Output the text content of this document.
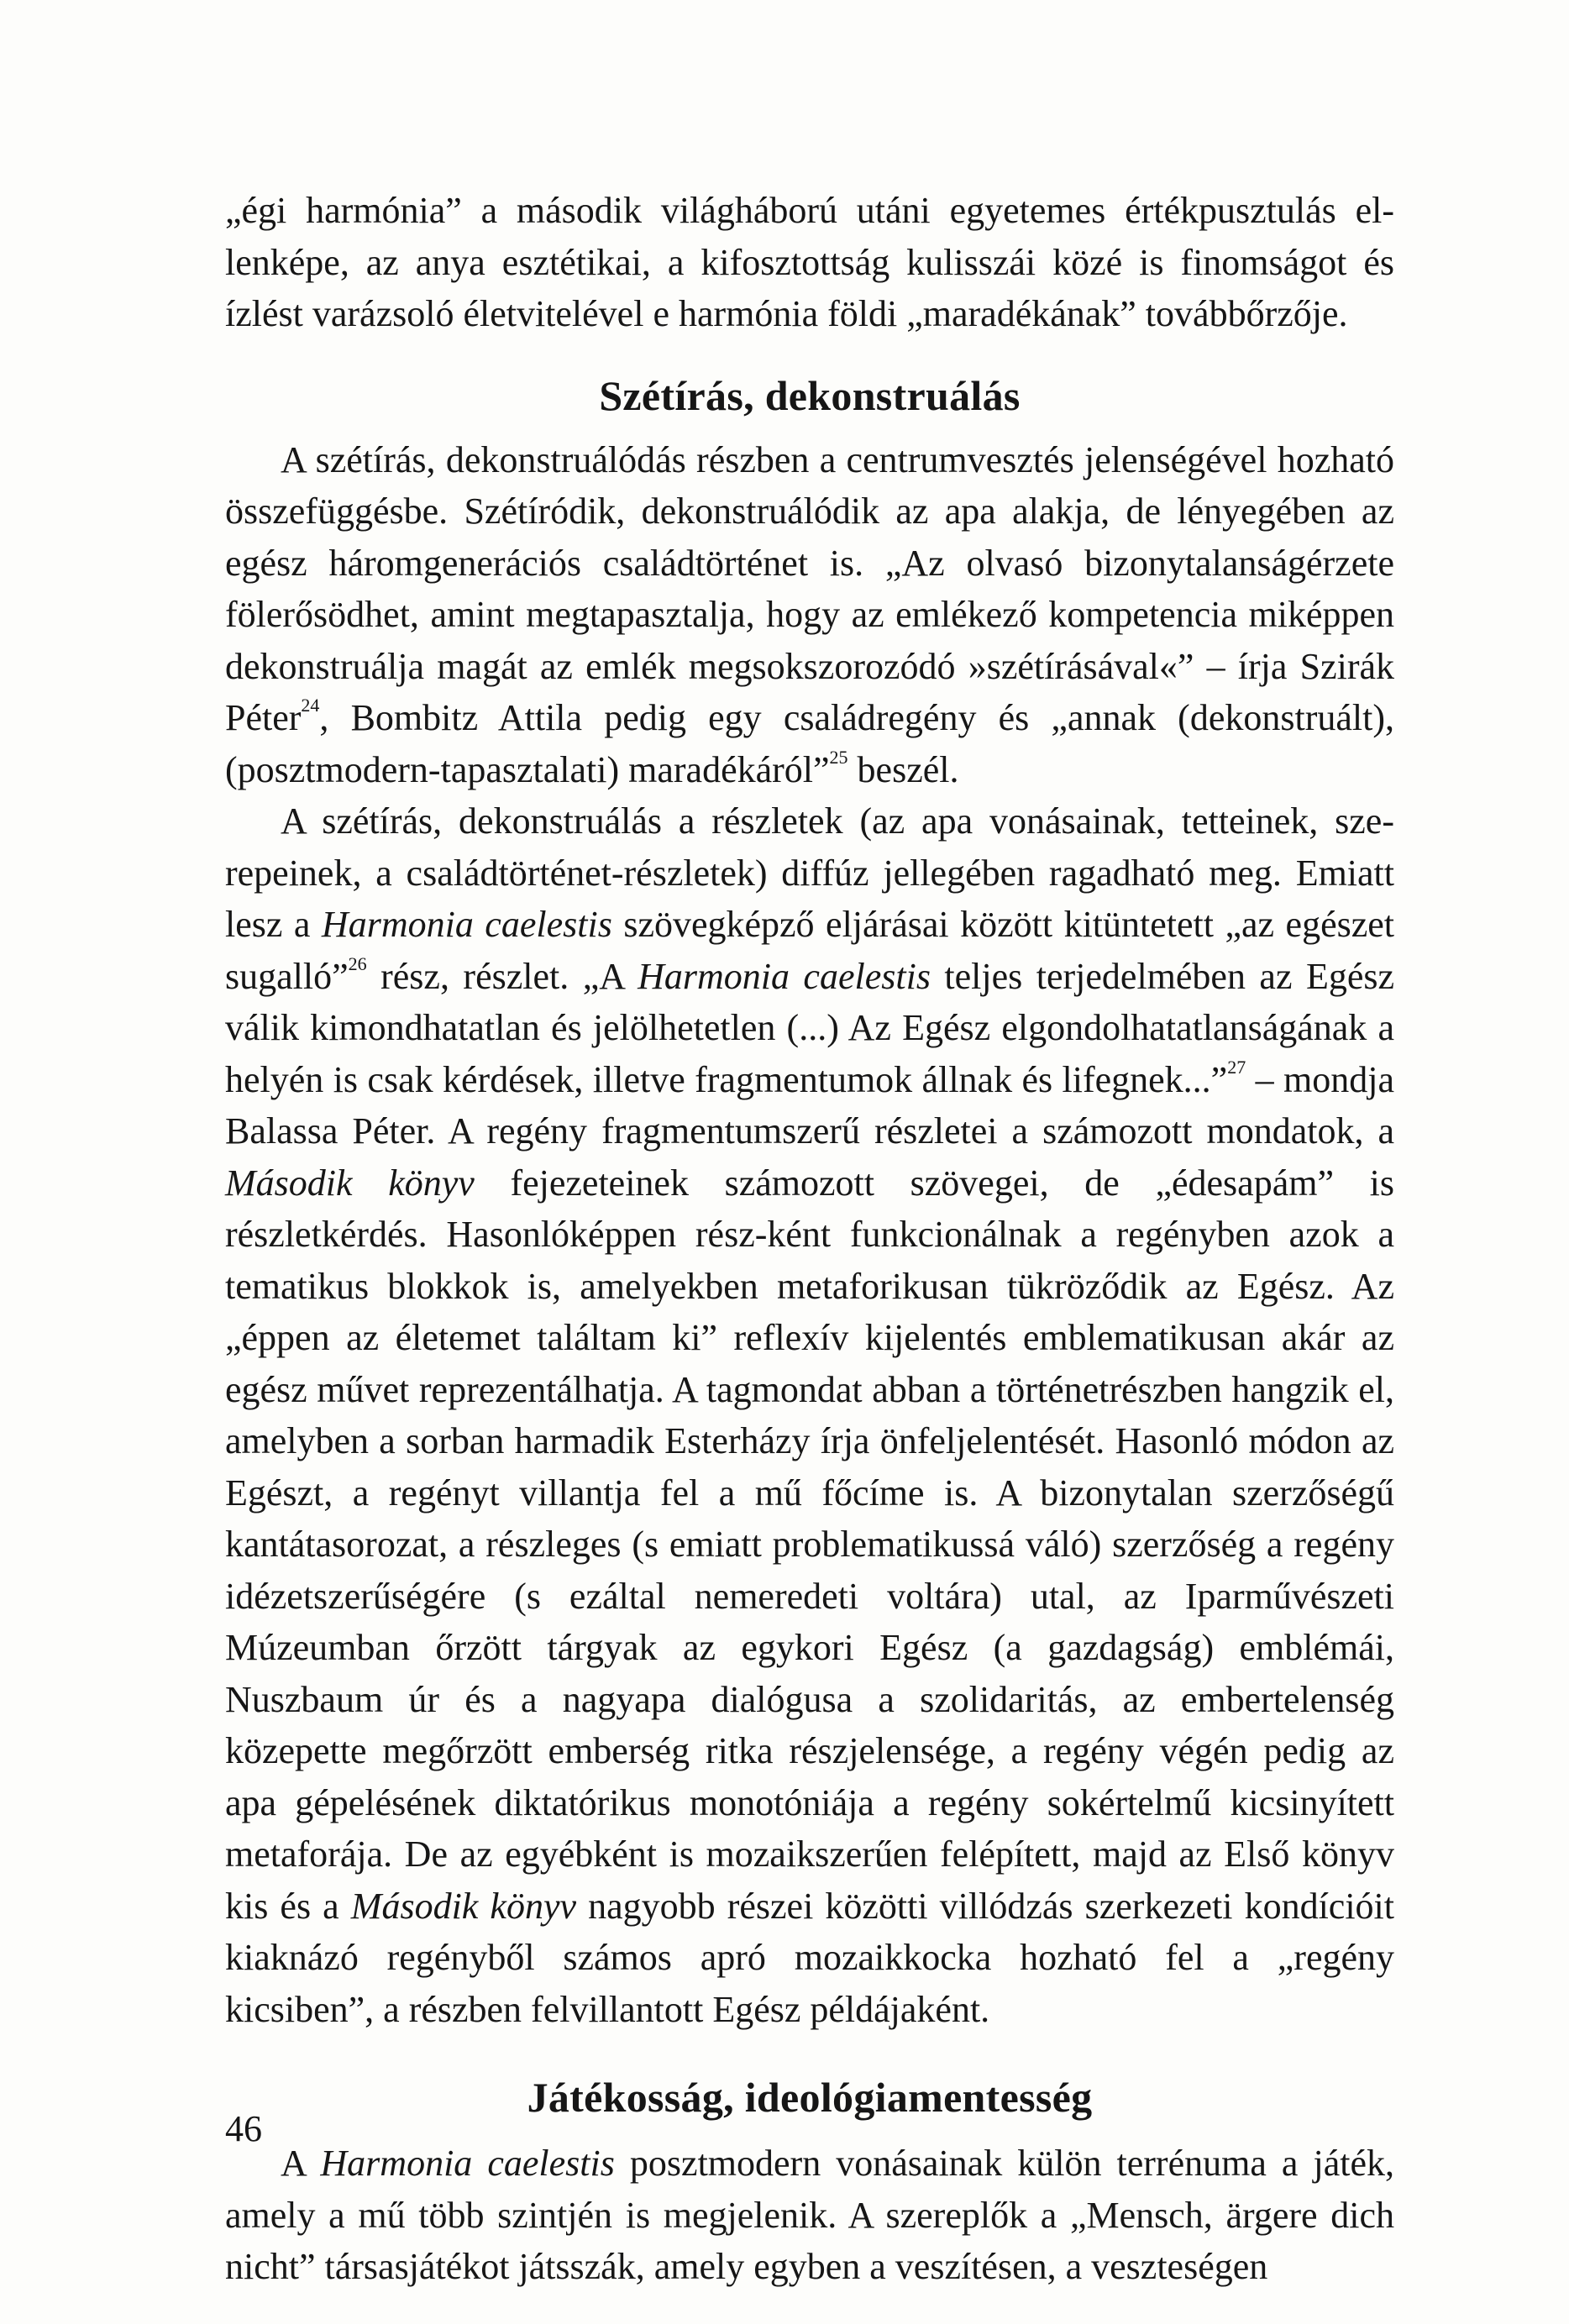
„égi harmónia” a második világháború utáni egyetemes értékpusztulás ellenképe, az anya esztétikai, a kifosztottság kulisszái közé is finomságot és ízlést varázsoló életvitelével e harmónia földi „maradékának” továbbőrzője.

Szétírás, dekonstruálás

A szétírás, dekonstruálódás részben a centrumvesztés jelenségével hozható összefüggésbe. Szétíródik, dekonstruálódik az apa alakja, de lényegében az egész háromgenerációs családtörténet is. „Az olvasó bizonytalanságérzete fölerősödhet, amint megtapasztalja, hogy az emlékező kompetencia miképpen dekonstruálja magát az emlék megsokszorozódó »szétírásával«” – írja Szirák Péter$^{24}$, Bombitz Attila pedig egy családregény és „annak (dekonstruált), (posztmodern-tapasztalati) maradékáról”$^{25}$ beszél.

A szétírás, dekonstruálás a részletek (az apa vonásainak, tetteinek, szerepeinek, a családtörténet-részletek) diffúz jellegében ragadható meg. Emiatt lesz a Harmonia caelestis szövegképző eljárásai között kitüntetett „az egészet sugalló”$^{26}$ rész, részlet. „A Harmonia caelestis teljes terjedelmében az Egész válik kimondhatatlan és jelölhetetlen (...) Az Egész elgondolhatatlanságának a helyén is csak kérdések, illetve fragmentumok állnak és lifegnek...”$^{27}$ – mondja Balassa Péter. A regény fragmentumszerű részletei a számozott mondatok, a Második könyv fejezeteinek számozott szövegei, de „édesapám” is részletkérdés. Hasonlóképpen rész-ként funkcionálnak a regényben azok a tematikus blokkok is, amelyekben metaforikusan tükröződik az Egész. Az „éppen az életemet találtam ki” reflexív kijelentés emblematikusan akár az egész művet reprezentálhatja. A tagmondat abban a történetrészben hangzik el, amelyben a sorban harmadik Esterházy írja önfeljelentését. Hasonló módon az Egészt, a regényt villantja fel a mű főcíme is. A bizonytalan szerzőségű kantátasorozat, a részleges (s emiatt problematikussá váló) szerzőség a regény idézetszerűségére (s ezáltal nemeredeti voltára) utal, az Iparművészeti Múzeumban őrzött tárgyak az egykori Egész (a gazdagság) emblémái, Nuszbaum úr és a nagyapa dialógusa a szolidaritás, az embertelenség közepette megőrzött emberség ritka részjelensége, a regény végén pedig az apa gépelésének diktatórikus monotóniája a regény sokértelmű kicsinyített metaforája. De az egyébként is mozaikszerűen felépített, majd az Első könyv kis és a Második könyv nagyobb részei közötti villódzás szerkezeti kondícióit kiaknázó regényből számos apró mozaikkocka hozható fel a „regény kicsiben”, a részben felvillantott Egész példájaként.

Játékosság, ideológiamentesség

A Harmonia caelestis posztmodern vonásainak külön terrénuma a játék, amely a mű több szintjén is megjelenik. A szereplők a „Mensch, ärgere dich nicht” társasjátékot játsszák, amely egyben a veszítésen, a veszteségen

46
